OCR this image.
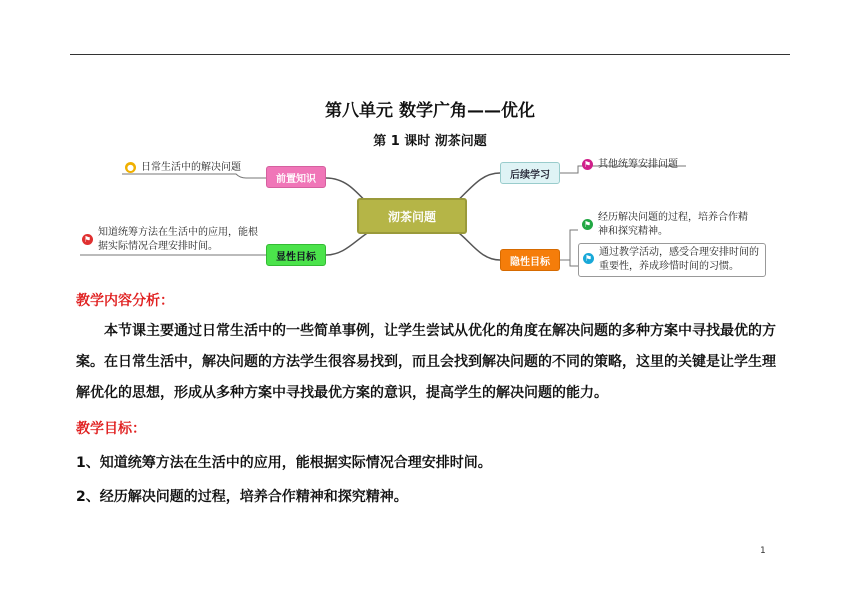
第八单元 数学广角——优化
第 1 课时 沏茶问题
沏茶问题
前置知识
显性目标
后续学习
隐性目标
● 日常生活中的解决问题
⚑
知道统筹方法在生活中的应用，能根据实际情况合理安排时间。
⚑ 其他统筹安排问题
⚑
经历解决问题的过程，培养合作精神和探究精神。
⚑
通过教学活动，感受合理安排时间的重要性，养成珍惜时间的习惯。
教学内容分析：
本节课主要通过日常生活中的一些简单事例，让学生尝试从优化的角度在解决问题的多种方案中寻找最优的方案。在日常生活中，解决问题的方法学生很容易找到，而且会找到解决问题的不同的策略，这里的关键是让学生理解优化的思想，形成从多种方案中寻找最优方案的意识，提高学生的解决问题的能力。
教学目标：
1、知道统筹方法在生活中的应用，能根据实际情况合理安排时间。
2、经历解决问题的过程，培养合作精神和探究精神。
1
